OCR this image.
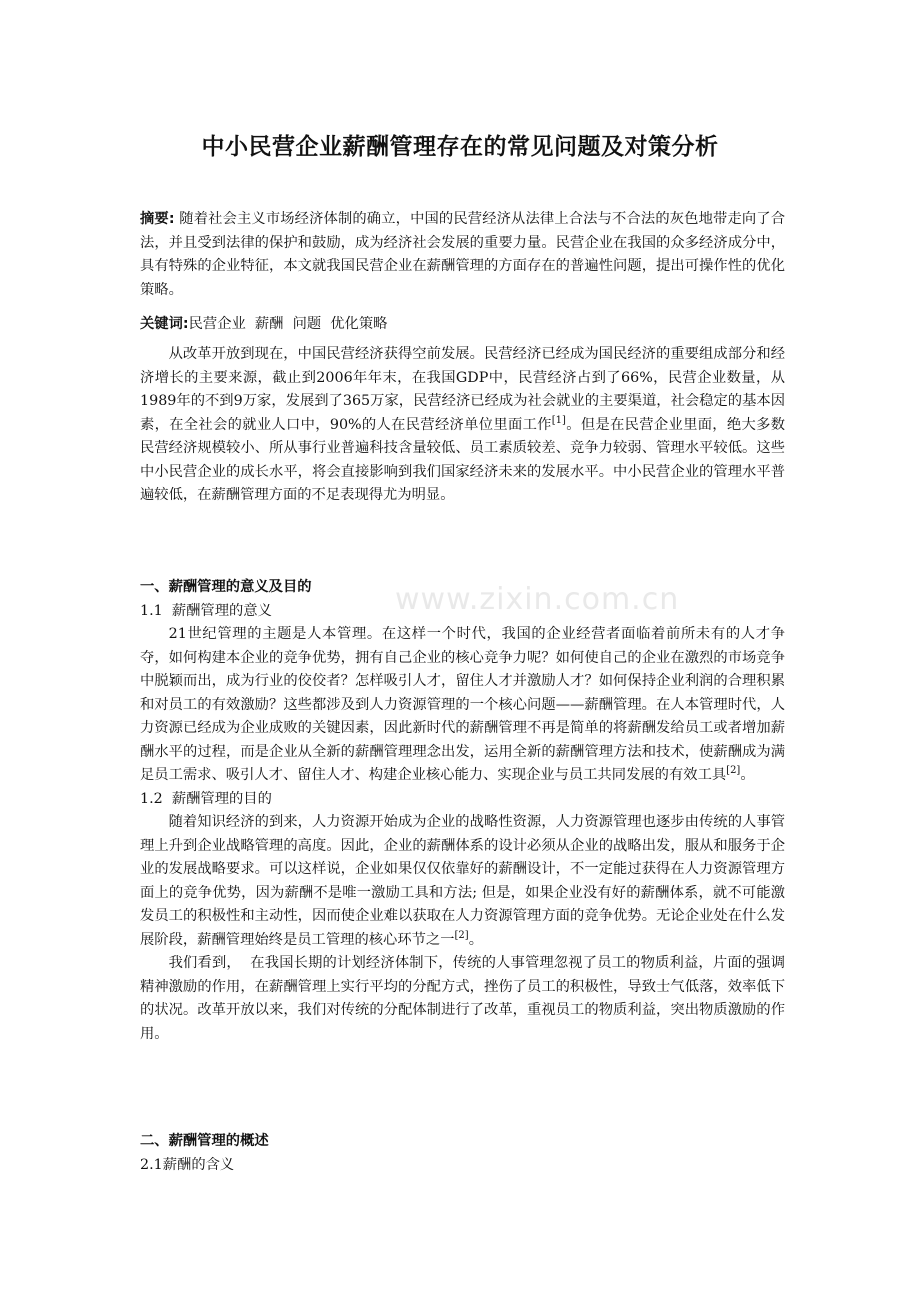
www.zixin.com.cn
中小民营企业薪酬管理存在的常见问题及对策分析

摘要: 随着社会主义市场经济体制的确立，中国的民营经济从法律上合法与不合法的灰色地带走向了合法，并且受到法律的保护和鼓励，成为经济社会发展的重要力量。民营企业在我国的众多经济成分中，具有特殊的企业特征，本文就我国民营企业在薪酬管理的方面存在的普遍性问题，提出可操作性的优化策略。

关键词:民营企业  薪酬  问题  优化策略

从改革开放到现在，中国民营经济获得空前发展。民营经济已经成为国民经济的重要组成部分和经济增长的主要来源，截止到2006年年末，在我国GDP中，民营经济占到了66%，民营企业数量，从1989年的不到9万家，发展到了365万家，民营经济已经成为社会就业的主要渠道，社会稳定的基本因素，在全社会的就业人口中，90%的人在民营经济单位里面工作[1]。但是在民营企业里面，绝大多数民营经济规模较小、所从事行业普遍科技含量较低、员工素质较差、竞争力较弱、管理水平较低。这些中小民营企业的成长水平，将会直接影响到我们国家经济未来的发展水平。中小民营企业的管理水平普遍较低，在薪酬管理方面的不足表现得尤为明显。

一、薪酬管理的意义及目的
1.1  薪酬管理的意义

21世纪管理的主题是人本管理。在这样一个时代，我国的企业经营者面临着前所未有的人才争夺，如何构建本企业的竞争优势，拥有自己企业的核心竞争力呢？如何使自己的企业在激烈的市场竞争中脱颖而出，成为行业的佼佼者？怎样吸引人才，留住人才并激励人才？如何保持企业利润的合理积累和对员工的有效激励？这些都涉及到人力资源管理的一个核心问题——薪酬管理。在人本管理时代，人力资源已经成为企业成败的关键因素，因此新时代的薪酬管理不再是简单的将薪酬发给员工或者增加薪酬水平的过程，而是企业从全新的薪酬管理理念出发，运用全新的薪酬管理方法和技术，使薪酬成为满足员工需求、吸引人才、留住人才、构建企业核心能力、实现企业与员工共同发展的有效工具[2]。

1.2  薪酬管理的目的

随着知识经济的到来，人力资源开始成为企业的战略性资源，人力资源管理也逐步由传统的人事管理上升到企业战略管理的高度。因此，企业的薪酬体系的设计必须从企业的战略出发，服从和服务于企业的发展战略要求。可以这样说，企业如果仅仅依靠好的薪酬设计，不一定能过获得在人力资源管理方面上的竞争优势，因为薪酬不是唯一激励工具和方法; 但是，如果企业没有好的薪酬体系，就不可能激发员工的积极性和主动性，因而使企业难以获取在人力资源管理方面的竞争优势。无论企业处在什么发展阶段，薪酬管理始终是员工管理的核心环节之一[2]。

我们看到，  在我国长期的计划经济体制下，传统的人事管理忽视了员工的物质利益，片面的强调精神激励的作用，在薪酬管理上实行平均的分配方式，挫伤了员工的积极性，导致士气低落，效率低下的状况。改革开放以来，我们对传统的分配体制进行了改革，重视员工的物质利益，突出物质激励的作用。

二、薪酬管理的概述
2.1薪酬的含义
